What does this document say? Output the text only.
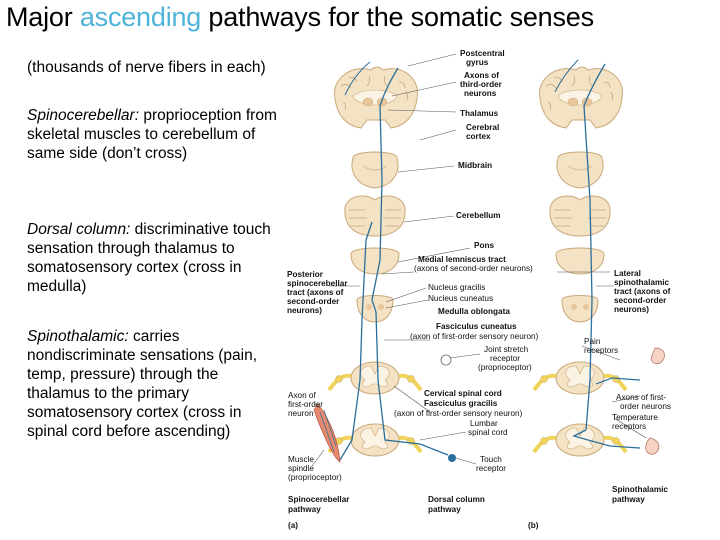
Major ascending pathways for the somatic senses
(thousands of nerve fibers in each)
Spinocerebellar: proprioception from skeletal muscles to cerebellum of same side (don’t cross)
Dorsal column: discriminative touch sensation through thalamus to somatosensory cortex (cross in medulla)
Spinothalamic: carries nondiscriminate sensations (pain, temp, pressure) through the thalamus to the primary somatosensory cortex (cross in spinal cord before ascending)
Postcentral gyrus
Axons of third-order neurons
Thalamus
Cerebral cortex
Midbrain
Cerebellum
Pons
Medial lemniscus tract
(axons of second-order neurons)
Posterior spinocerebellar tract (axons of second-order neurons)
Nucleus gracilis
Nucleus cuneatus
Medulla oblongata
Fasciculus cuneatus
(axon of first-order sensory neuron)
Lateral spinothalamic tract (axons of second-order neurons)
Joint stretch receptor (proprioceptor)
Pain receptors
Cervical spinal cord
Fasciculus gracilis
(axon of first-order sensory neuron)
Axon of first-order neuron
Axons of first-order neurons
Temperature receptors
Lumbar spinal cord
Muscle spindle (proprioceptor)
Touch receptor
Spinocerebellar pathway
(a)
Dorsal column pathway
(b)
Spinothalamic pathway
